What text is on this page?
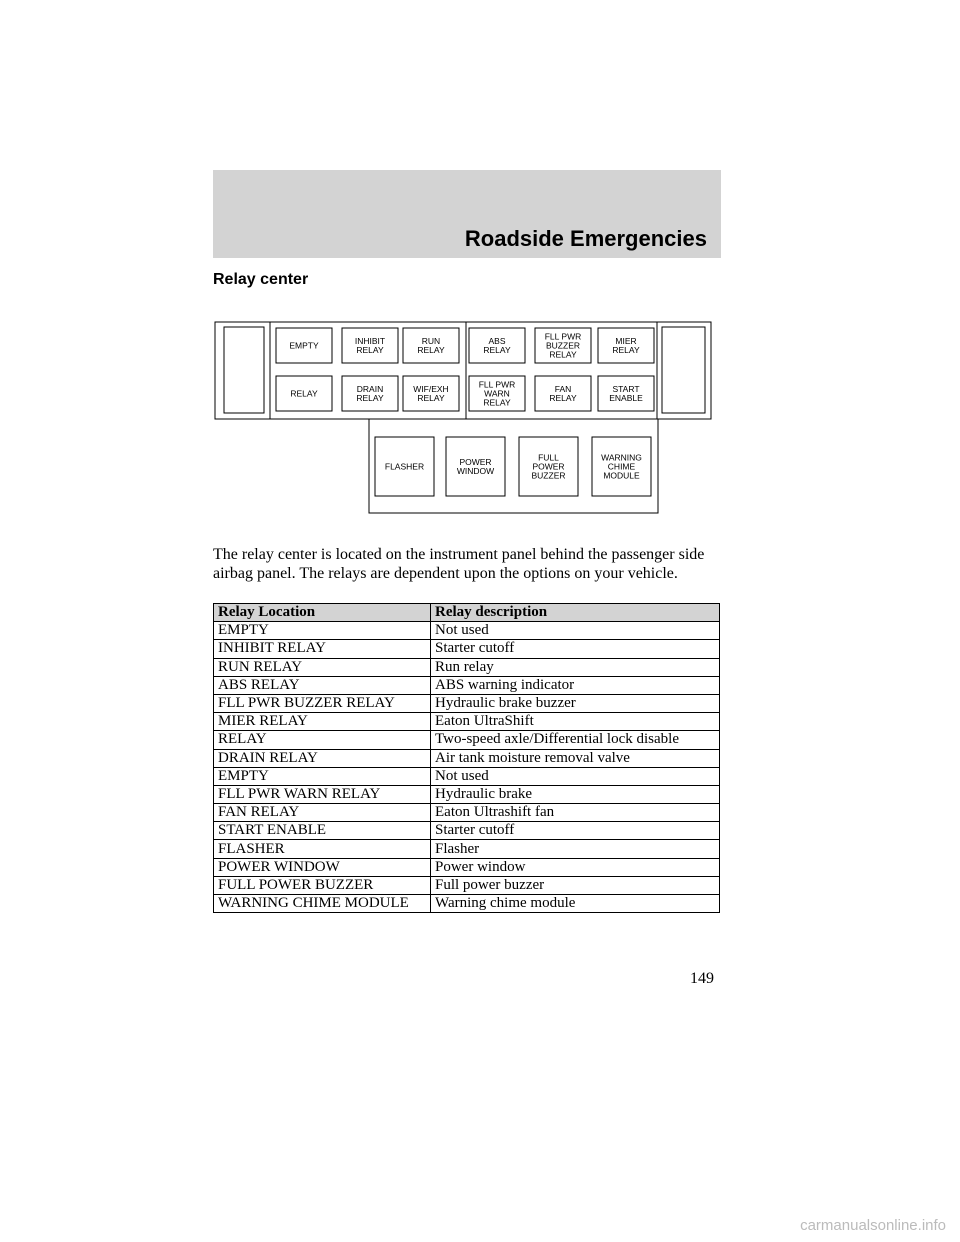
Roadside Emergencies
Relay center
EMPTY	INHIBIT
RELAY
RUN
RELAY
ABS
RELAY
FLL PWR
BUZZER
RELAY
MIER
RELAY
RELAY	DRAIN
RELAY
WIF/EXH
RELAY
FLL PWR
WARN
RELAY
FAN
RELAY
START
ENABLE
FLASHER	POWER
WINDOW
FULL
POWER
BUZZER
WARNING
CHIME
MODULE

The relay center is located on the instrument panel behind the passenger side airbag panel. The relays are dependent upon the options on your vehicle.

Relay Location	Relay description
EMPTY	Not used
INHIBIT RELAY	Starter cutoff
RUN RELAY	Run relay
ABS RELAY	ABS warning indicator
FLL PWR BUZZER RELAY	Hydraulic brake buzzer
MIER RELAY	Eaton UltraShift
RELAY	Two-speed axle/Differential lock disable
DRAIN RELAY	Air tank moisture removal valve
EMPTY	Not used
FLL PWR WARN RELAY	Hydraulic brake
FAN RELAY	Eaton Ultrashift fan
START ENABLE	Starter cutoff
FLASHER	Flasher
POWER WINDOW	Power window
FULL POWER BUZZER	Full power buzzer
WARNING CHIME MODULE	Warning chime module
149
carmanualsonline.info
